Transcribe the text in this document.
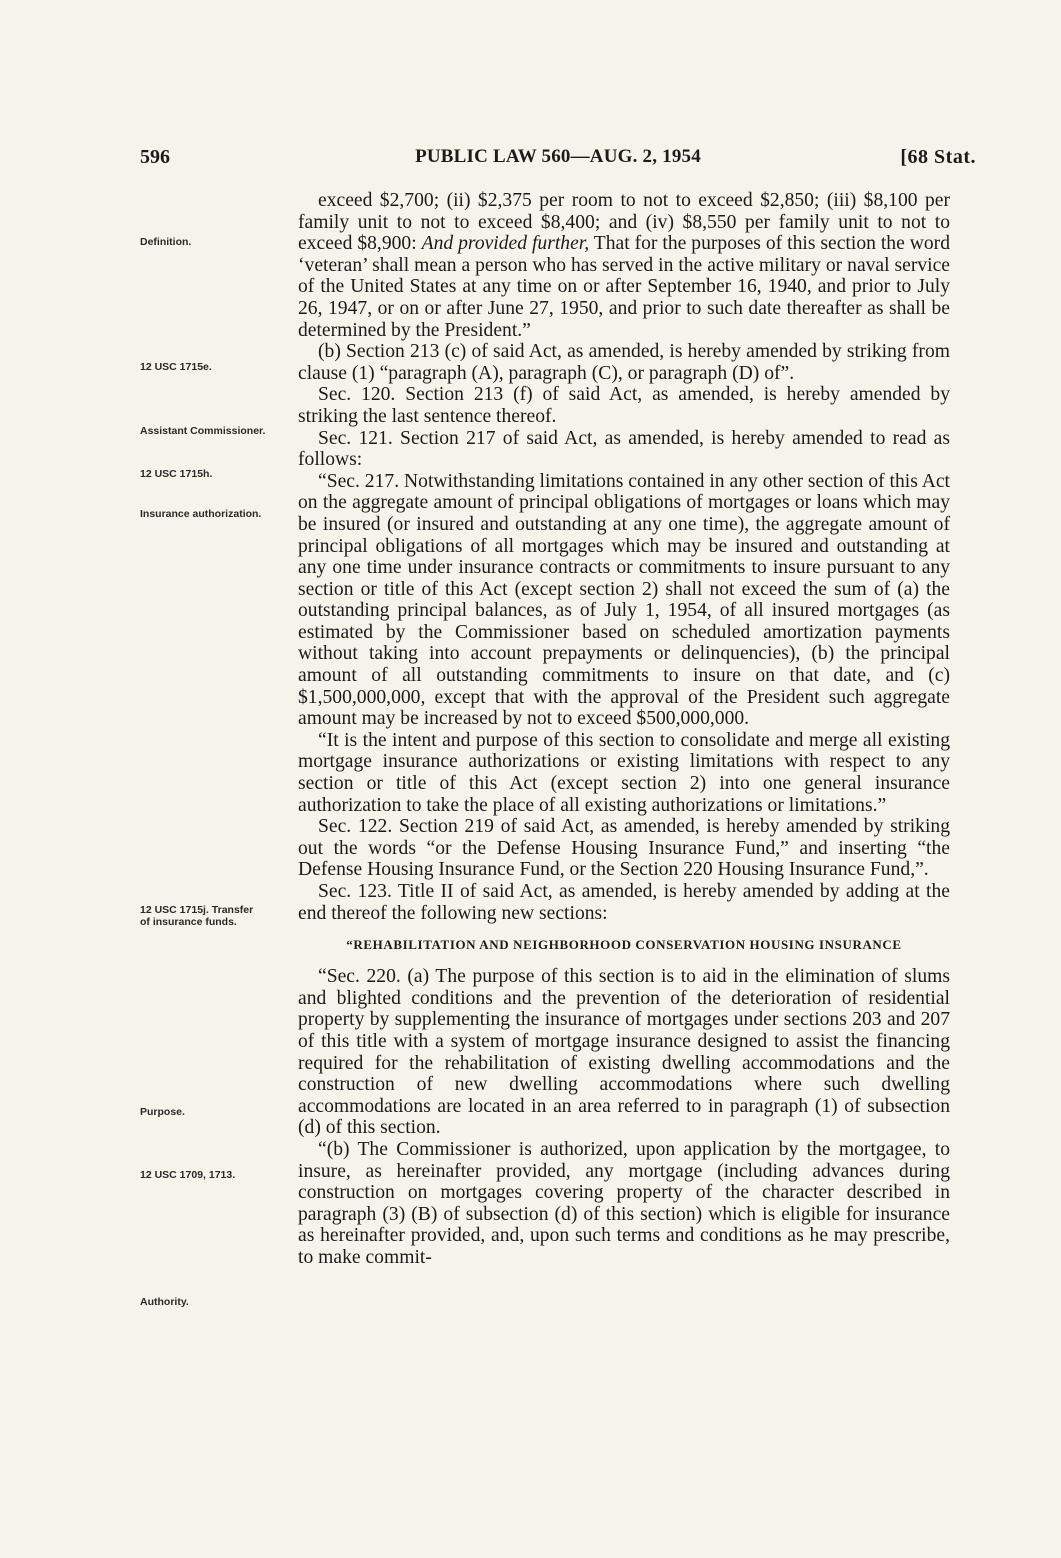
596	PUBLIC LAW 560—AUG. 2, 1954	[68 Stat.
Definition.
12 USC 1715e.
Assistant Commissioner.
12 USC 1715h.
Insurance authorization.
12 USC 1715j. Transfer of insurance funds.
Purpose.
12 USC 1709, 1713.
Authority.

exceed $2,700; (ii) $2,375 per room to not to exceed $2,850; (iii) $8,100 per family unit to not to exceed $8,400; and (iv) $8,550 per family unit to not to exceed $8,900: And provided further, That for the purposes of this section the word ‘veteran’ shall mean a person who has served in the active military or naval service of the United States at any time on or after September 16, 1940, and prior to July 26, 1947, or on or after June 27, 1950, and prior to such date thereafter as shall be determined by the President.”

(b) Section 213 (c) of said Act, as amended, is hereby amended by striking from clause (1) “paragraph (A), paragraph (C), or paragraph (D) of”.

Sec. 120. Section 213 (f) of said Act, as amended, is hereby amended by striking the last sentence thereof.

Sec. 121. Section 217 of said Act, as amended, is hereby amended to read as follows:

“Sec. 217. Notwithstanding limitations contained in any other section of this Act on the aggregate amount of principal obligations of mortgages or loans which may be insured (or insured and outstanding at any one time), the aggregate amount of principal obligations of all mortgages which may be insured and outstanding at any one time under insurance contracts or commitments to insure pursuant to any section or title of this Act (except section 2) shall not exceed the sum of (a) the outstanding principal balances, as of July 1, 1954, of all insured mortgages (as estimated by the Commissioner based on scheduled amortization payments without taking into account prepayments or delinquencies), (b) the principal amount of all outstanding commitments to insure on that date, and (c) $1,500,000,000, except that with the approval of the President such aggregate amount may be increased by not to exceed $500,000,000.

“It is the intent and purpose of this section to consolidate and merge all existing mortgage insurance authorizations or existing limitations with respect to any section or title of this Act (except section 2) into one general insurance authorization to take the place of all existing authorizations or limitations.”

Sec. 122. Section 219 of said Act, as amended, is hereby amended by striking out the words “or the Defense Housing Insurance Fund,” and inserting “the Defense Housing Insurance Fund, or the Section 220 Housing Insurance Fund,”.

Sec. 123. Title II of said Act, as amended, is hereby amended by adding at the end thereof the following new sections:

“REHABILITATION AND NEIGHBORHOOD CONSERVATION HOUSING INSURANCE

“Sec. 220. (a) The purpose of this section is to aid in the elimination of slums and blighted conditions and the prevention of the deterioration of residential property by supplementing the insurance of mortgages under sections 203 and 207 of this title with a system of mortgage insurance designed to assist the financing required for the rehabilitation of existing dwelling accommodations and the construction of new dwelling accommodations where such dwelling accommodations are located in an area referred to in paragraph (1) of subsection (d) of this section.

“(b) The Commissioner is authorized, upon application by the mortgagee, to insure, as hereinafter provided, any mortgage (including advances during construction on mortgages covering property of the character described in paragraph (3) (B) of subsection (d) of this section) which is eligible for insurance as hereinafter provided, and, upon such terms and conditions as he may prescribe, to make commit-
